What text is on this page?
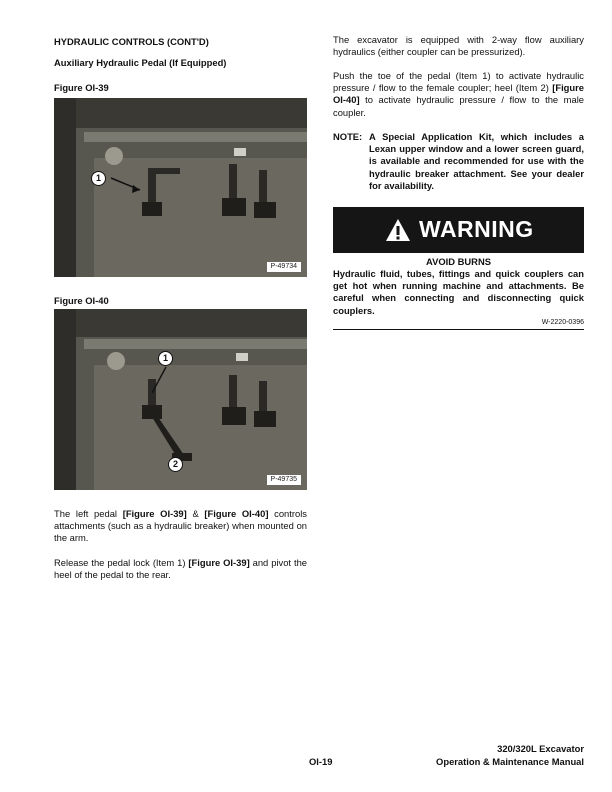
HYDRAULIC CONTROLS (CONT'D)
Auxiliary Hydraulic Pedal (If Equipped)
Figure OI-39
1
P-49734
Figure OI-40
1
2
P-49735
The left pedal [Figure OI-39] & [Figure OI-40] controls attachments (such as a hydraulic breaker) when mounted on the arm.
Release the pedal lock (Item 1) [Figure OI-39] and pivot the heel of the pedal to the rear.
The excavator is equipped with 2-way flow auxiliary hydraulics (either coupler can be pressurized).
Push the toe of the pedal (Item 1) to activate hydraulic pressure / flow to the female coupler; heel (Item 2) [Figure OI-40] to activate hydraulic pressure / flow to the male coupler.
NOTE: A Special Application Kit, which includes a Lexan upper window and a lower screen guard, is available and recommended for use with the hydraulic breaker attachment. See your dealer for availability.
WARNING
AVOID BURNS
Hydraulic fluid, tubes, fittings and quick couplers can get hot when running machine and attachments. Be careful when connecting and disconnecting quick couplers.
W-2220-0396
OI-19
320/320L Excavator
Operation & Maintenance Manual
